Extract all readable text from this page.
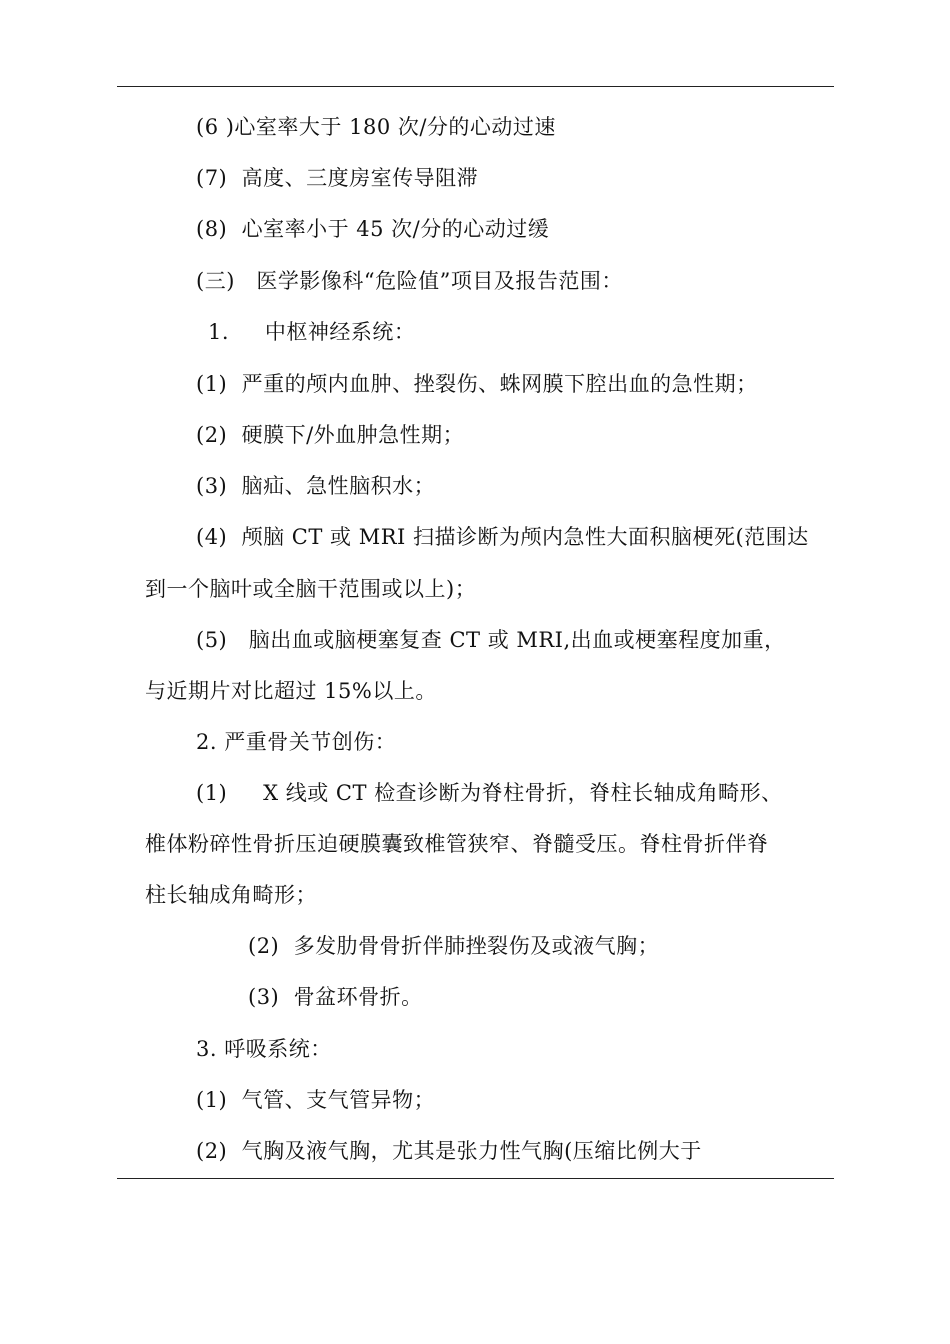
(6 )心室率大于 180 次/分的心动过速
(7)  高度、三度房室传导阻滞
(8)  心室率小于 45 次/分的心动过缓
(三)   医学影像科“危险值”项目及报告范围：
1.     中枢神经系统：
(1)  严重的颅内血肿、挫裂伤、蛛网膜下腔出血的急性期；
(2)  硬膜下/外血肿急性期；
(3)  脑疝、急性脑积水；
(4)  颅脑 CT 或 MRI 扫描诊断为颅内急性大面积脑梗死(范围达
到一个脑叶或全脑干范围或以上)；
(5)   脑出血或脑梗塞复查 CT 或 MRI,出血或梗塞程度加重，
与近期片对比超过 15%以上。
2. 严重骨关节创伤：
(1)     X 线或 CT 检查诊断为脊柱骨折，脊柱长轴成角畸形、
椎体粉碎性骨折压迫硬膜囊致椎管狭窄、脊髓受压。脊柱骨折伴脊
柱长轴成角畸形；
(2)  多发肋骨骨折伴肺挫裂伤及或液气胸；
(3)  骨盆环骨折。
3. 呼吸系统：
(1)  气管、支气管异物；
(2)  气胸及液气胸，尤其是张力性气胸(压缩比例大于
